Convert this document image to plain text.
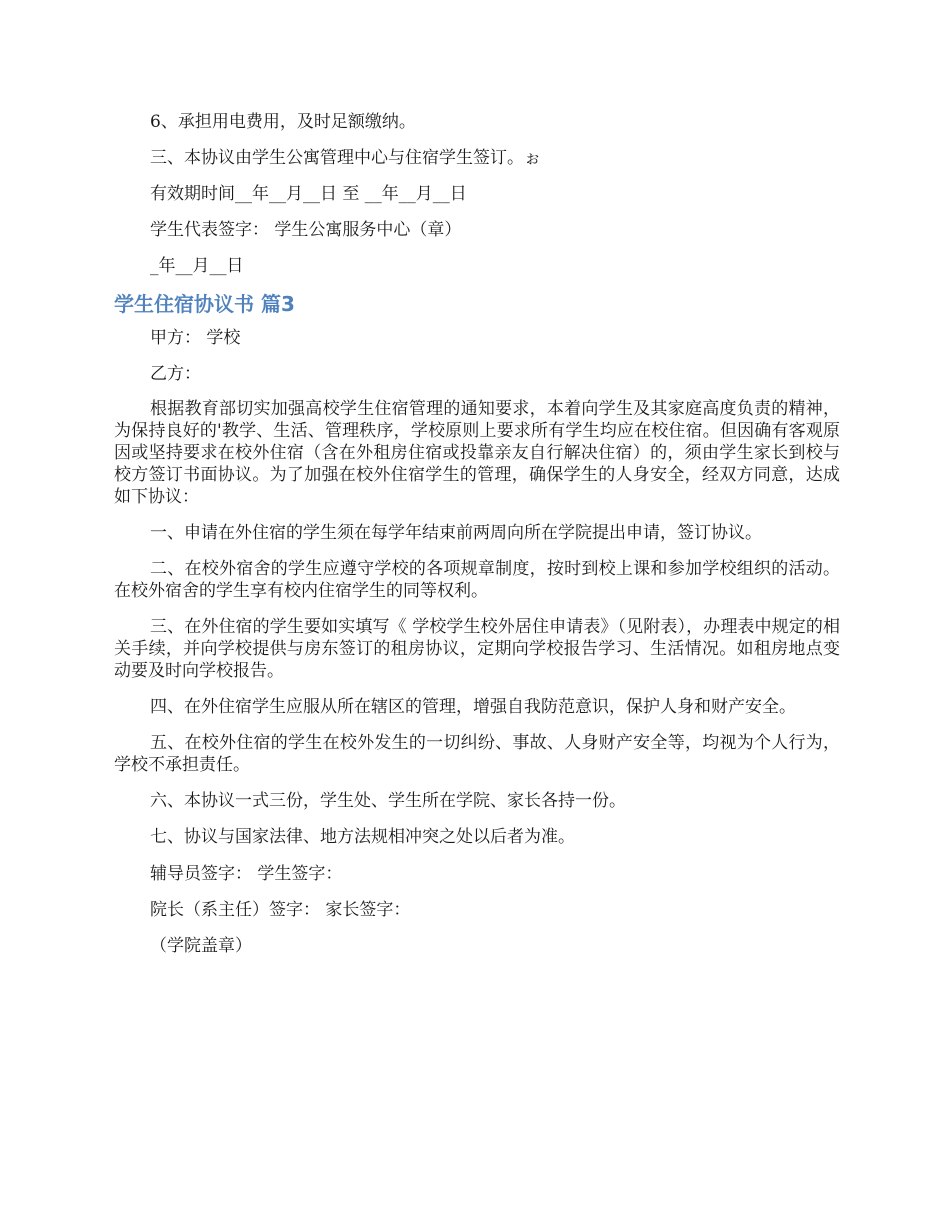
6、承担用电费用，及时足额缴纳。

三、本协议由学生公寓管理中心与住宿学生签订。ぉ

有效期时间__年__月__日 至 __年__月__日

学生代表签字： 学生公寓服务中心（章）

_年__月__日

学生住宿协议书 篇3

甲方： 学校

乙方：

根据教育部切实加强高校学生住宿管理的通知要求，本着向学生及其家庭高度负责的精神，为保持良好的'教学、生活、管理秩序，学校原则上要求所有学生均应在校住宿。但因确有客观原因或坚持要求在校外住宿（含在外租房住宿或投靠亲友自行解决住宿）的，须由学生家长到校与校方签订书面协议。为了加强在校外住宿学生的管理，确保学生的人身安全，经双方同意，达成如下协议：

一、申请在外住宿的学生须在每学年结束前两周向所在学院提出申请，签订协议。

二、在校外宿舍的学生应遵守学校的各项规章制度，按时到校上课和参加学校组织的活动。在校外宿舍的学生享有校内住宿学生的同等权利。

三、在外住宿的学生要如实填写《 学校学生校外居住申请表》（见附表），办理表中规定的相关手续，并向学校提供与房东签订的租房协议，定期向学校报告学习、生活情况。如租房地点变动要及时向学校报告。

四、在外住宿学生应服从所在辖区的管理，增强自我防范意识，保护人身和财产安全。

五、在校外住宿的学生在校外发生的一切纠纷、事故、人身财产安全等，均视为个人行为，学校不承担责任。

六、本协议一式三份，学生处、学生所在学院、家长各持一份。

七、协议与国家法律、地方法规相冲突之处以后者为准。

辅导员签字： 学生签字：

院长（系主任）签字： 家长签字：

（学院盖章）
